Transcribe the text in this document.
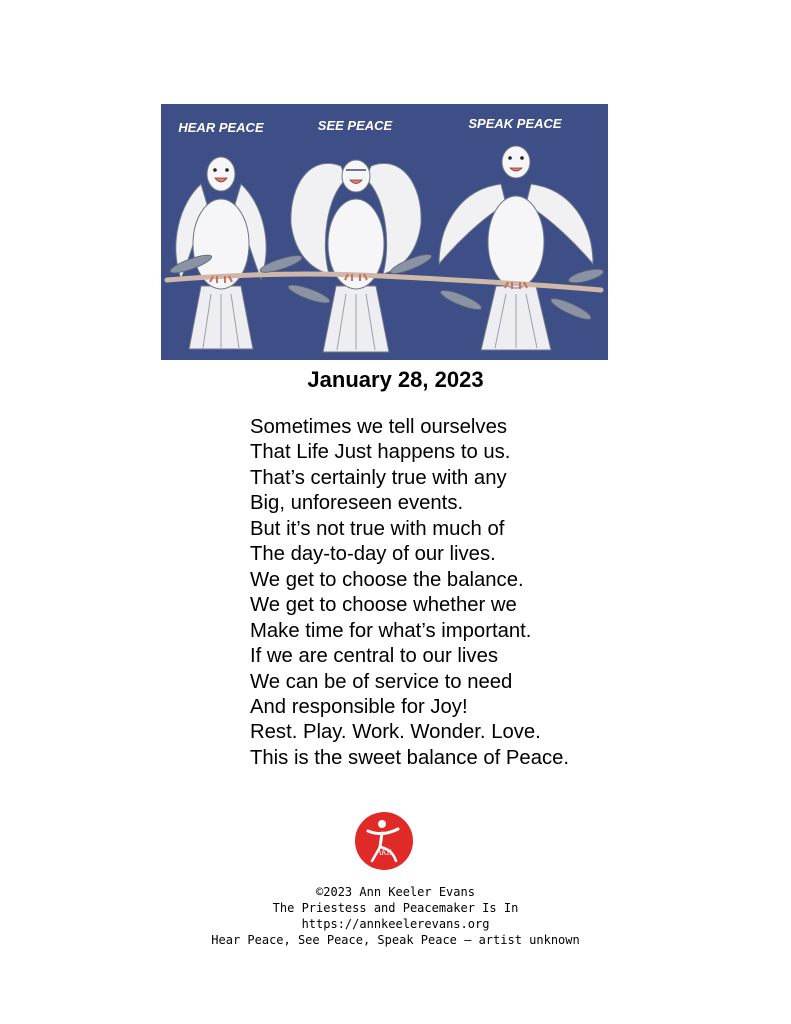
HEAR PEACE	SEE PEACE	SPEAK PEACE
January 28, 2023
Sometimes we tell ourselves
That Life Just happens to us.
That’s certainly true with any
Big, unforeseen events.
But it’s not true with much of
The day-to-day of our lives.
We get to choose the balance.
We get to choose whether we
Make time for what’s important.
If we are central to our lives
We can be of service to need
And responsible for Joy!
Rest. Play. Work. Wonder. Love.
This is the sweet balance of Peace.
AKE
©2023 Ann Keeler Evans
The Priestess and Peacemaker Is In
https://annkeelerevans.org
Hear Peace, See Peace, Speak Peace — artist unknown
